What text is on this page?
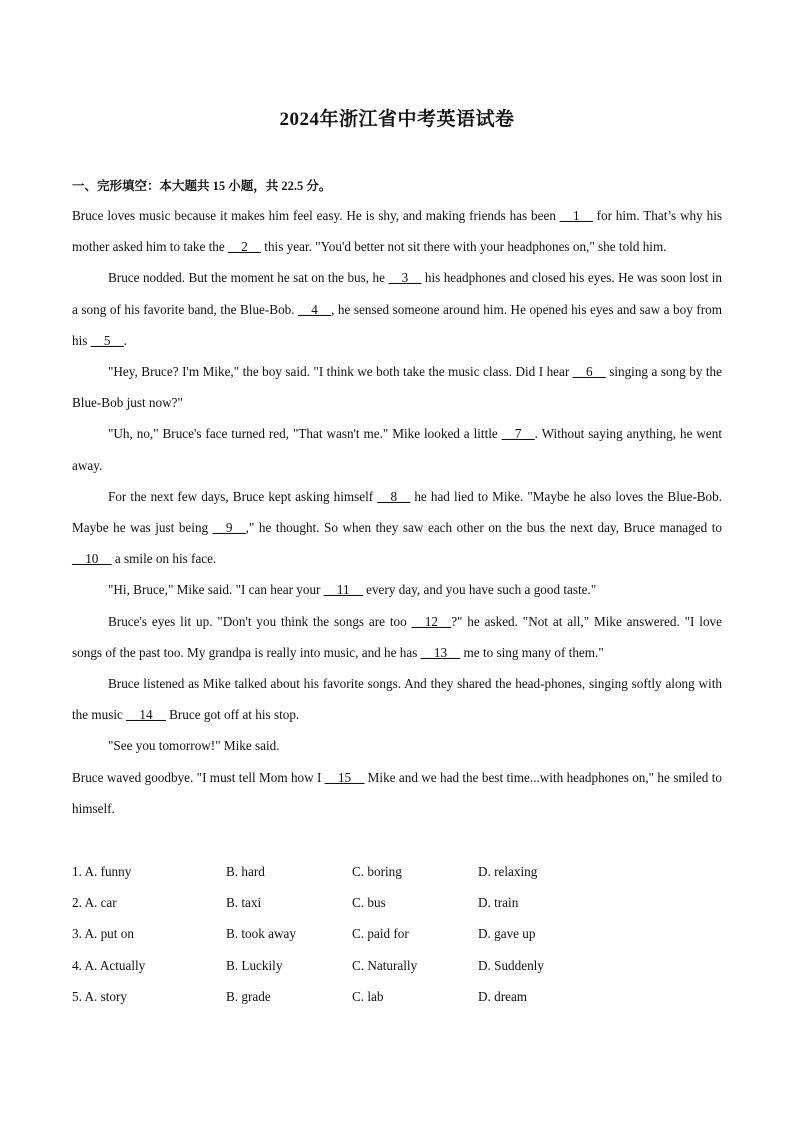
2024年浙江省中考英语试卷
一、完形填空：本大题共 15 小题，共 22.5 分。

Bruce loves music because it makes him feel easy. He is shy, and making friends has been __1__ for him. That’s why his mother asked him to take the __2__ this year. "You'd better not sit there with your headphones on," she told him.

Bruce nodded. But the moment he sat on the bus, he __3__ his headphones and closed his eyes. He was soon lost in a song of his favorite band, the Blue-Bob. __4__, he sensed someone around him. He opened his eyes and saw a boy from his __5__.

"Hey, Bruce? I'm Mike," the boy said. "I think we both take the music class. Did I hear __6__ singing a song by the Blue-Bob just now?"

"Uh, no," Bruce's face turned red, "That wasn't me." Mike looked a little __7__. Without saying anything, he went away.

For the next few days, Bruce kept asking himself __8__ he had lied to Mike. "Maybe he also loves the Blue-Bob. Maybe he was just being __9__," he thought. So when they saw each other on the bus the next day, Bruce managed to __10__ a smile on his face.

"Hi, Bruce," Mike said. "I can hear your __11__ every day, and you have such a good taste."

Bruce's eyes lit up. "Don't you think the songs are too __12__?" he asked. "Not at all," Mike answered. "I love songs of the past too. My grandpa is really into music, and he has __13__ me to sing many of them."

Bruce listened as Mike talked about his favorite songs. And they shared the head-phones, singing softly along with the music __14__ Bruce got off at his stop.

"See you tomorrow!" Mike said.

Bruce waved goodbye. "I must tell Mom how I __15__ Mike and we had the best time...with headphones on," he smiled to himself.

1. A. funny	B. hard	C. boring	D. relaxing
2. A. car	B. taxi	C. bus	D. train
3. A. put on	B. took away	C. paid for	D. gave up
4. A. Actually	B. Luckily	C. Naturally	D. Suddenly
5. A. story	B. grade	C. lab	D. dream
